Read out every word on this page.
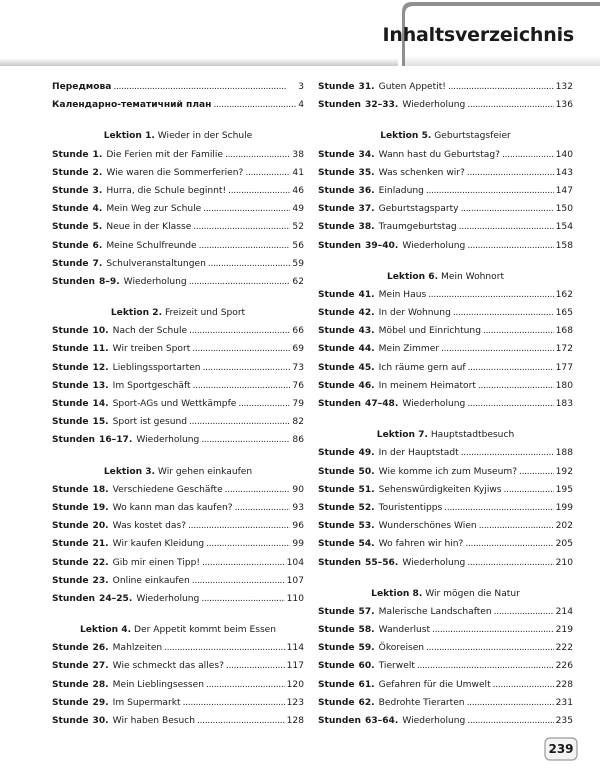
Inhaltsverzeichnis
Передмова . . .	3
Календарно-тематичний план . . .	4
Lektion 1. Wieder in der Schule
Stunde 1. Die Ferien mit der Familie . . .	38
Stunde 2. Wie waren die Sommerferien? . . .	41
Stunde 3. Hurra, die Schule beginnt! . . .	46
Stunde 4. Mein Weg zur Schule . . .	49
Stunde 5. Neue in der Klasse . . .	52
Stunde 6. Meine Schulfreunde . . .	56
Stunde 7. Schulveranstaltungen . . .	59
Stunden 8–9. Wiederholung . . .	62
Lektion 2. Freizeit und Sport
Stunde 10. Nach der Schule . . .	66
Stunde 11. Wir treiben Sport . . .	69
Stunde 12. Lieblingssportarten . . .	73
Stunde 13. Im Sportgeschäft . . .	76
Stunde 14. Sport-AGs und Wettkämpfe . . .	79
Stunde 15. Sport ist gesund . . .	82
Stunden 16–17. Wiederholung . . .	86
Lektion 3. Wir gehen einkaufen
Stunde 18. Verschiedene Geschäfte . . .	90
Stunde 19. Wo kann man das kaufen? . . .	93
Stunde 20. Was kostet das? . . .	96
Stunde 21. Wir kaufen Kleidung . . .	99
Stunde 22. Gib mir einen Tipp! . . .	104
Stunde 23. Online einkaufen . . .	107
Stunden 24–25. Wiederholung . . .	110
Lektion 4. Der Appetit kommt beim Essen
Stunde 26. Mahlzeiten . . .	114
Stunde 27. Wie schmeckt das alles? . . .	117
Stunde 28. Mein Lieblingsessen . . .	120
Stunde 29. Im Supermarkt . . .	123
Stunde 30. Wir haben Besuch . . .	128
Stunde 31. Guten Appetit! . . .	132
Stunden 32–33. Wiederholung . . .	136
Lektion 5. Geburtstagsfeier
Stunde 34. Wann hast du Geburtstag? . . .	140
Stunde 35. Was schenken wir? . . .	143
Stunde 36. Einladung . . .	147
Stunde 37. Geburtstagsparty . . .	150
Stunde 38. Traumgeburtstag . . .	154
Stunden 39–40. Wiederholung . . .	158
Lektion 6. Mein Wohnort
Stunde 41. Mein Haus . . .	162
Stunde 42. In der Wohnung . . .	165
Stunde 43. Möbel und Einrichtung . . .	168
Stunde 44. Mein Zimmer . . .	172
Stunde 45. Ich räume gern auf . . .	177
Stunde 46. In meinem Heimatort . . .	180
Stunden 47–48. Wiederholung . . .	183
Lektion 7. Hauptstadtbesuch
Stunde 49. In der Hauptstadt . . .	188
Stunde 50. Wie komme ich zum Museum? . . .	192
Stunde 51. Sehenswürdigkeiten Kyjiws . . .	195
Stunde 52. Touristentipps . . .	199
Stunde 53. Wunderschönes Wien . . .	202
Stunde 54. Wo fahren wir hin? . . .	205
Stunden 55–56. Wiederholung . . .	210
Lektion 8. Wir mögen die Natur
Stunde 57. Malerische Landschaften . . .	214
Stunde 58. Wanderlust . . .	219
Stunde 59. Ökoreisen . . .	222
Stunde 60. Tierwelt . . .	226
Stunde 61. Gefahren für die Umwelt . . .	228
Stunde 62. Bedrohte Tierarten . . .	231
Stunden 63–64. Wiederholung . . .	235
239
